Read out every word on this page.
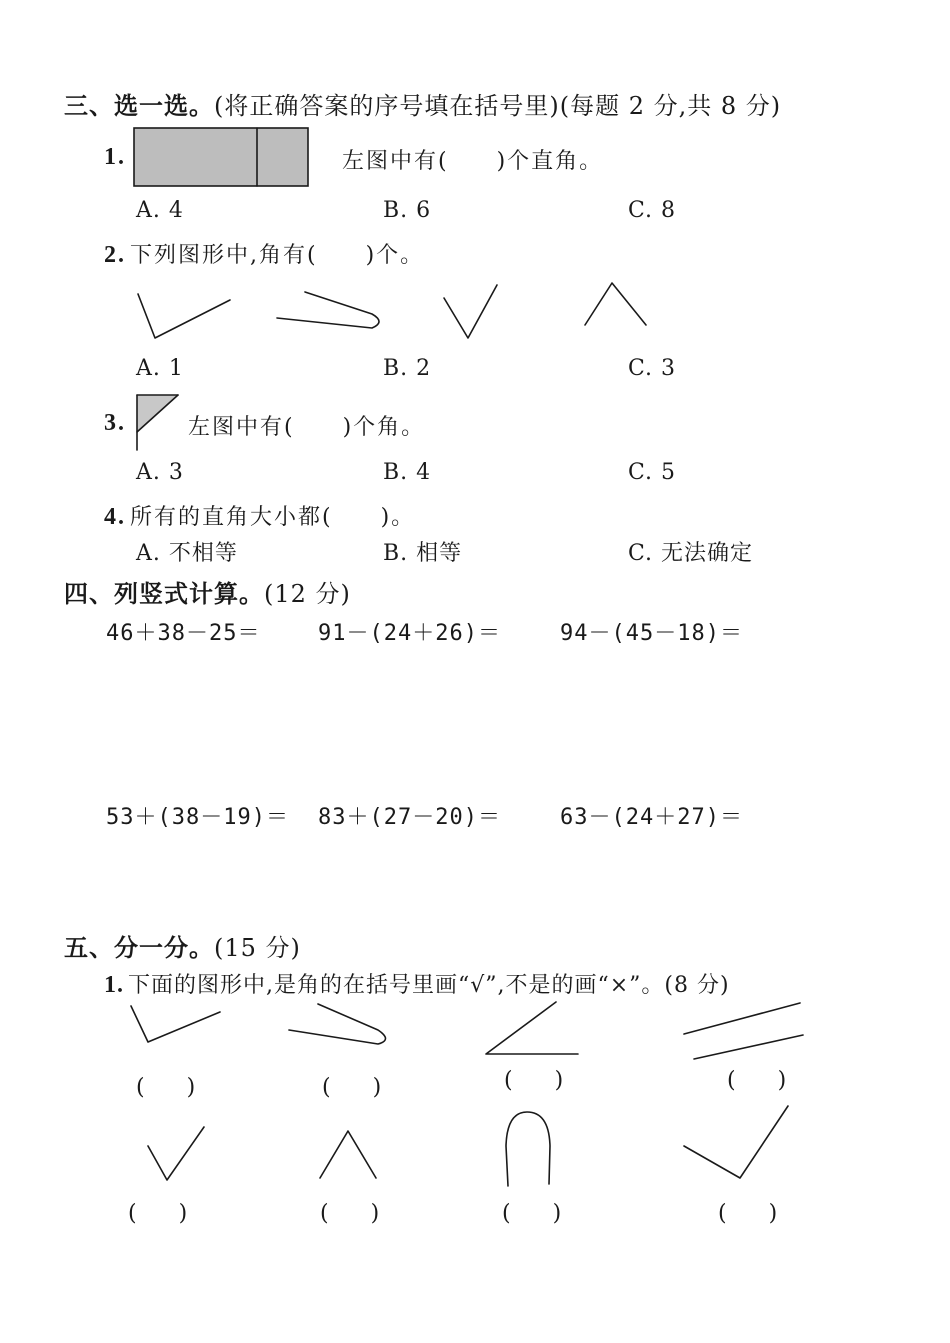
三、选一选。(将正确答案的序号填在括号里)(每题 2 分,共 8 分)
1.	左图中有(　　)个直角。
A. 4	B. 6	C. 8
2. 下列图形中,角有(　　)个。
A. 1	B. 2	C. 3
3.	左图中有(　　)个角。
A. 3	B. 4	C. 5
4. 所有的直角大小都(　　)。
A. 不相等	B. 相等	C. 无法确定
四、列竖式计算。(12 分)
46＋38－25＝	91－(24＋26)＝	94－(45－18)＝
53＋(38－19)＝ 83＋(27－20)＝	63－(24＋27)＝
五、分一分。(15 分)
1. 下面的图形中,是角的在括号里画“√”,不是的画“×”。(8 分)
(　)	(　)	(　)	(　)
(　)	(　)	(　)	(　)
